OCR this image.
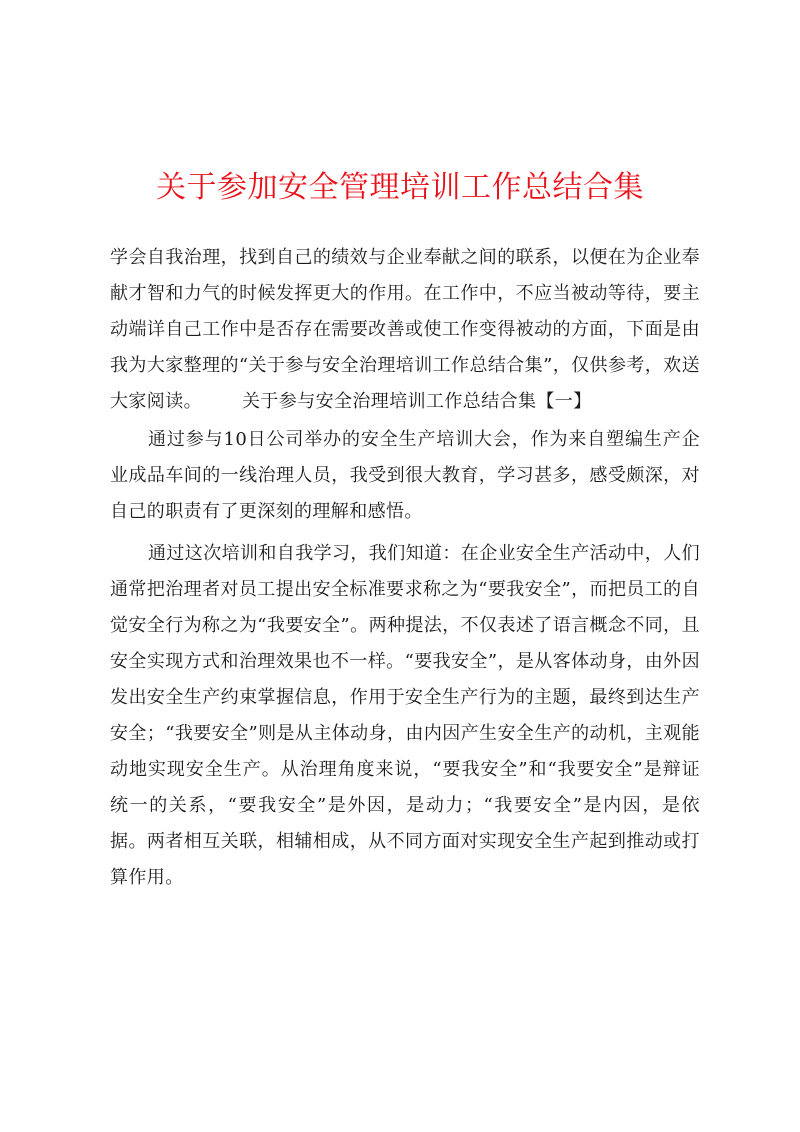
关于参加安全管理培训工作总结合集

学会自我治理，找到自己的绩效与企业奉献之间的联系，以便在为企业奉献才智和力气的时候发挥更大的作用。在工作中，不应当被动等待，要主动端详自己工作中是否存在需要改善或使工作变得被动的方面，下面是由我为大家整理的“关于参与安全治理培训工作总结合集”，仅供参考，欢送大家阅读。 关于参与安全治理培训工作总结合集【一】

通过参与10日公司举办的安全生产培训大会，作为来自塑编生产企业成品车间的一线治理人员，我受到很大教育，学习甚多，感受颇深，对自己的职责有了更深刻的理解和感悟。

通过这次培训和自我学习，我们知道：在企业安全生产活动中，人们通常把治理者对员工提出安全标准要求称之为“要我安全”，而把员工的自觉安全行为称之为“我要安全”。两种提法，不仅表述了语言概念不同，且安全实现方式和治理效果也不一样。“要我安全”，是从客体动身，由外因发出安全生产约束掌握信息，作用于安全生产行为的主题，最终到达生产安全；“我要安全”则是从主体动身，由内因产生安全生产的动机，主观能动地实现安全生产。从治理角度来说，“要我安全”和“我要安全”是辩证统一的关系，“要我安全”是外因，是动力；“我要安全”是内因，是依据。两者相互关联，相辅相成，从不同方面对实现安全生产起到推动或打算作用。
